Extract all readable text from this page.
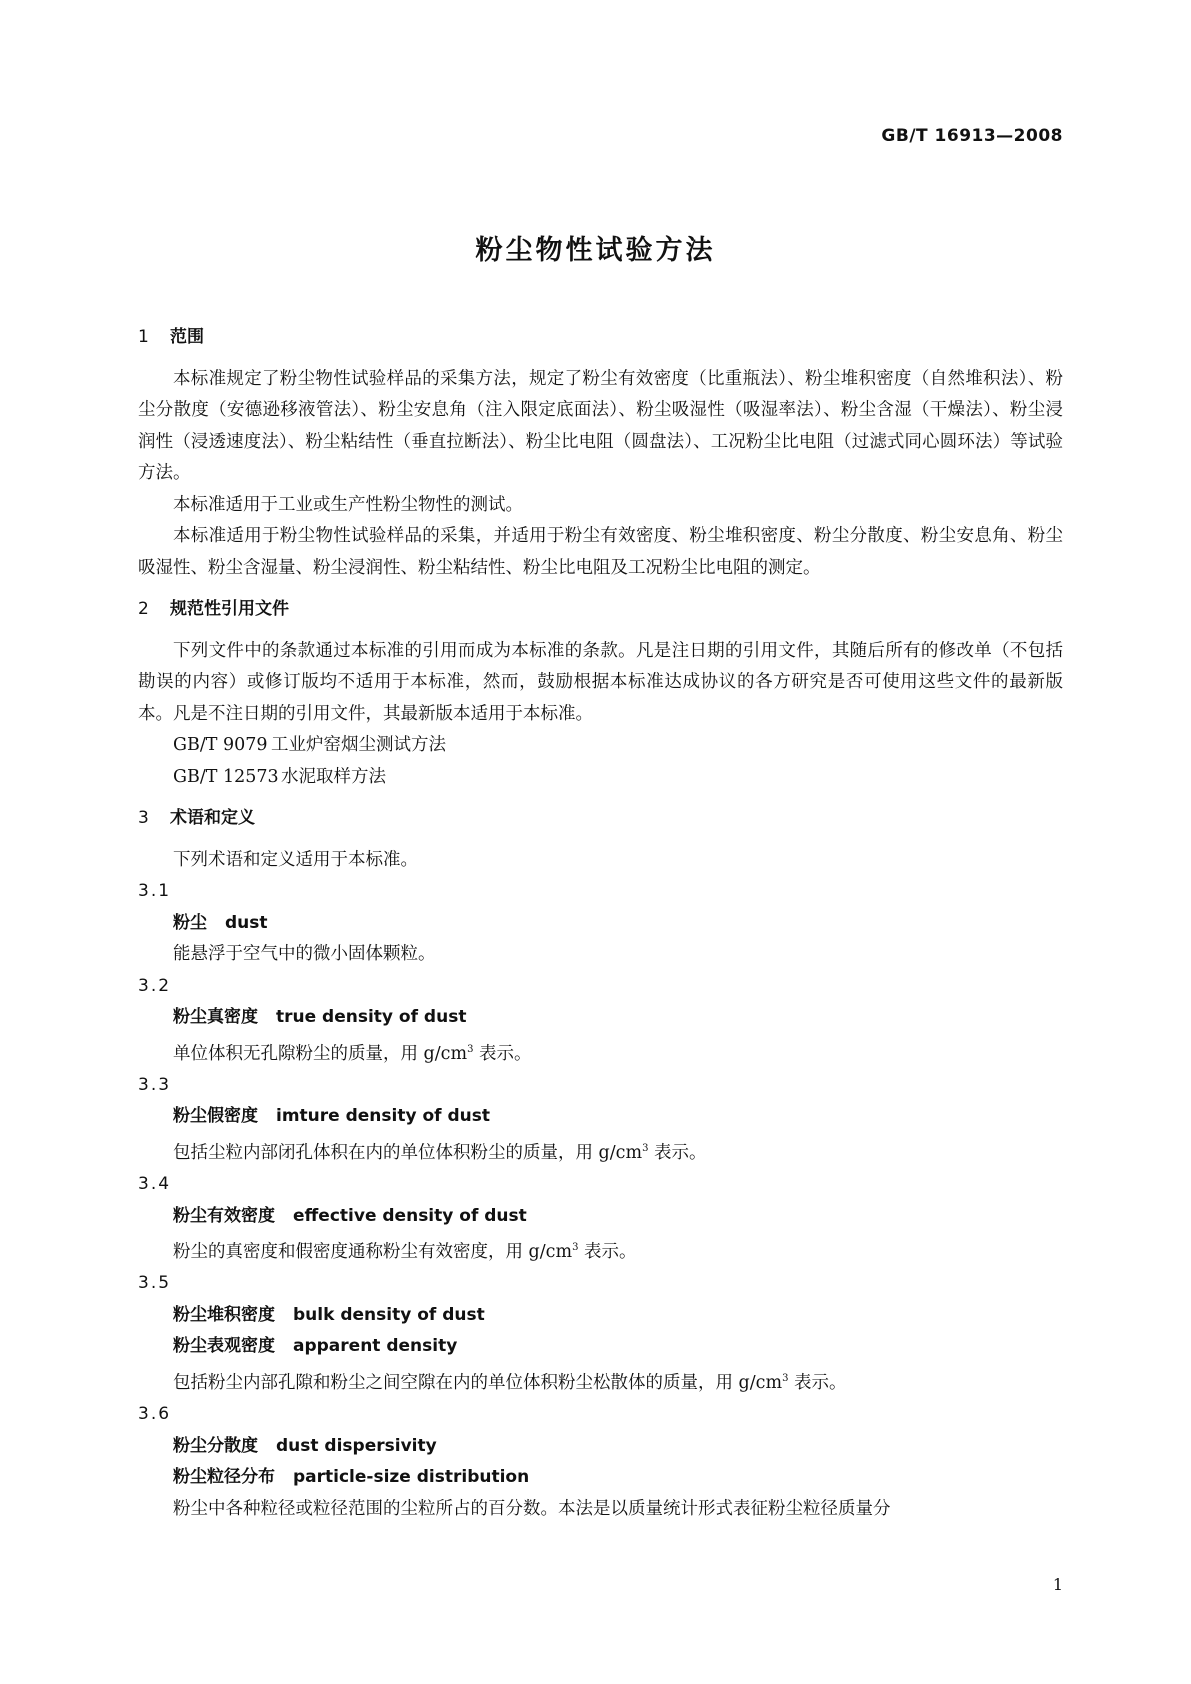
GB/T 16913—2008
粉尘物性试验方法
1 范围

本标准规定了粉尘物性试验样品的采集方法，规定了粉尘有效密度（比重瓶法）、粉尘堆积密度（自然堆积法）、粉尘分散度（安德逊移液管法）、粉尘安息角（注入限定底面法）、粉尘吸湿性（吸湿率法）、粉尘含湿（干燥法）、粉尘浸润性（浸透速度法）、粉尘粘结性（垂直拉断法）、粉尘比电阻（圆盘法）、工况粉尘比电阻（过滤式同心圆环法）等试验方法。

本标准适用于工业或生产性粉尘物性的测试。

本标准适用于粉尘物性试验样品的采集，并适用于粉尘有效密度、粉尘堆积密度、粉尘分散度、粉尘安息角、粉尘吸湿性、粉尘含湿量、粉尘浸润性、粉尘粘结性、粉尘比电阻及工况粉尘比电阻的测定。

2 规范性引用文件

下列文件中的条款通过本标准的引用而成为本标准的条款。凡是注日期的引用文件，其随后所有的修改单（不包括勘误的内容）或修订版均不适用于本标准，然而，鼓励根据本标准达成协议的各方研究是否可使用这些文件的最新版本。凡是不注日期的引用文件，其最新版本适用于本标准。

GB/T 9079 工业炉窑烟尘测试方法

GB/T 12573 水泥取样方法

3 术语和定义

下列术语和定义适用于本标准。

3.1

粉尘 dust

能悬浮于空气中的微小固体颗粒。

3.2

粉尘真密度 true density of dust

单位体积无孔隙粉尘的质量，用 $g/cm^3$ 表示。

3.3

粉尘假密度 imture density of dust

包括尘粒内部闭孔体积在内的单位体积粉尘的质量，用 $g/cm^3$ 表示。

3.4

粉尘有效密度 effective density of dust

粉尘的真密度和假密度通称粉尘有效密度，用 $g/cm^3$ 表示。

3.5

粉尘堆积密度 bulk density of dust

粉尘表观密度 apparent density

包括粉尘内部孔隙和粉尘之间空隙在内的单位体积粉尘松散体的质量，用 $g/cm^3$ 表示。

3.6

粉尘分散度 dust dispersivity

粉尘粒径分布 particle-size distribution

粉尘中各种粒径或粒径范围的尘粒所占的百分数。本法是以质量统计形式表征粉尘粒径质量分

1
